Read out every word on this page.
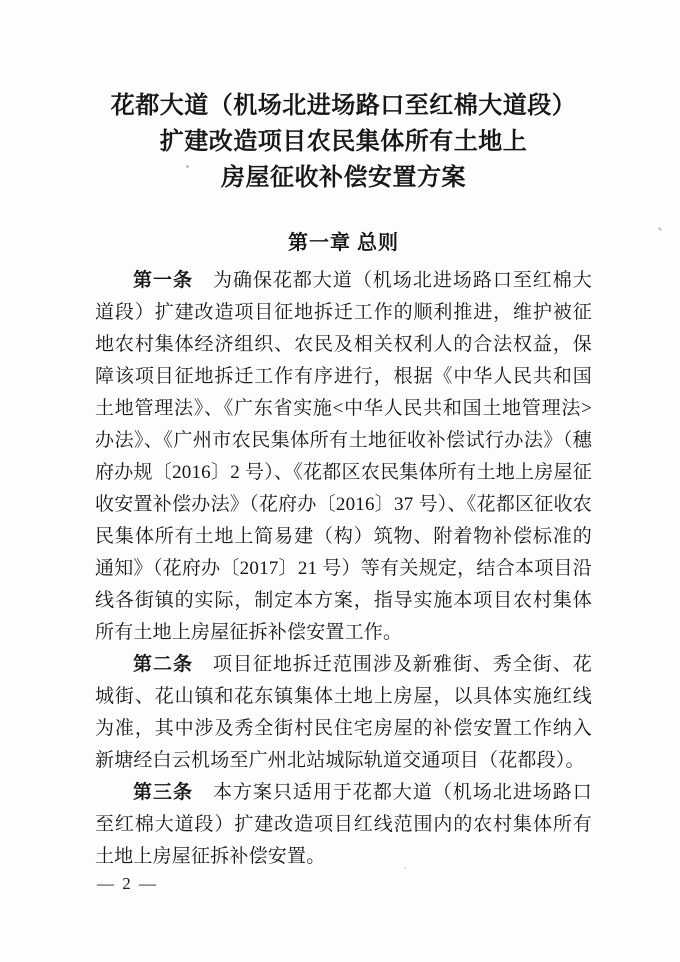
花都大道（机场北进场路口至红棉大道段）
扩建改造项目农民集体所有土地上
房屋征收补偿安置方案
第一章 总则

第一条　为确保花都大道（机场北进场路口至红棉大道段）扩建改造项目征地拆迁工作的顺利推进，维护被征地农村集体经济组织、农民及相关权利人的合法权益，保障该项目征地拆迁工作有序进行，根据《中华人民共和国土地管理法》、《广东省实施<中华人民共和国土地管理法>办法》、《广州市农民集体所有土地征收补偿试行办法》（穗府办规〔2016〕2 号）、《花都区农民集体所有土地上房屋征收安置补偿办法》（花府办〔2016〕37 号）、《花都区征收农民集体所有土地上简易建（构）筑物、附着物补偿标准的通知》（花府办〔2017〕21 号）等有关规定，结合本项目沿线各街镇的实际，制定本方案，指导实施本项目农村集体所有土地上房屋征拆补偿安置工作。

第二条　项目征地拆迁范围涉及新雅街、秀全街、花城街、花山镇和花东镇集体土地上房屋，以具体实施红线为准，其中涉及秀全街村民住宅房屋的补偿安置工作纳入新塘经白云机场至广州北站城际轨道交通项目（花都段）。

第三条　本方案只适用于花都大道（机场北进场路口至红棉大道段）扩建改造项目红线范围内的农村集体所有土地上房屋征拆补偿安置。

— 2 —
